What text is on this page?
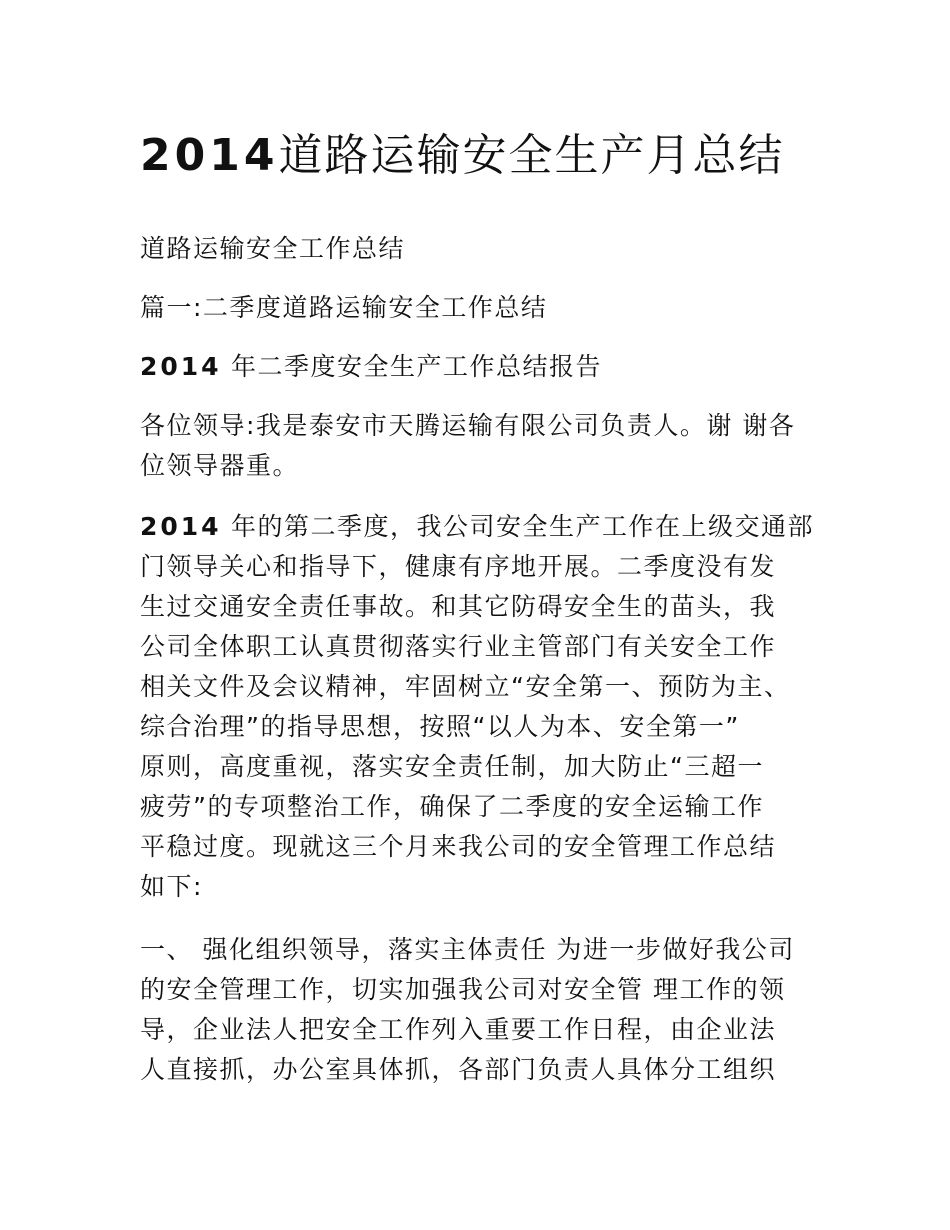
2014道路运输安全生产月总结

道路运输安全工作总结

篇一:二季度道路运输安全工作总结

2014 年二季度安全生产工作总结报告

各位领导:我是泰安市天腾运输有限公司负责人。谢 谢各

位领导器重。

2014 年的第二季度，我公司安全生产工作在上级交通部

门领导关心和指导下，健康有序地开展。二季度没有发

生过交通安全责任事故。和其它防碍安全生的苗头，我

公司全体职工认真贯彻落实行业主管部门有关安全工作

相关文件及会议精神，牢固树立“安全第一、预防为主、

综合治理”的指导思想，按照“以人为本、安全第一”

原则，高度重视，落实安全责任制，加大防止“三超一

疲劳”的专项整治工作，确保了二季度的安全运输工作

平稳过度。现就这三个月来我公司的安全管理工作总结

如下:

一、 强化组织领导，落实主体责任 为进一步做好我公司

的安全管理工作，切实加强我公司对安全管 理工作的领

导，企业法人把安全工作列入重要工作日程，由企业法

人直接抓，办公室具体抓，各部门负责人具体分工组织
